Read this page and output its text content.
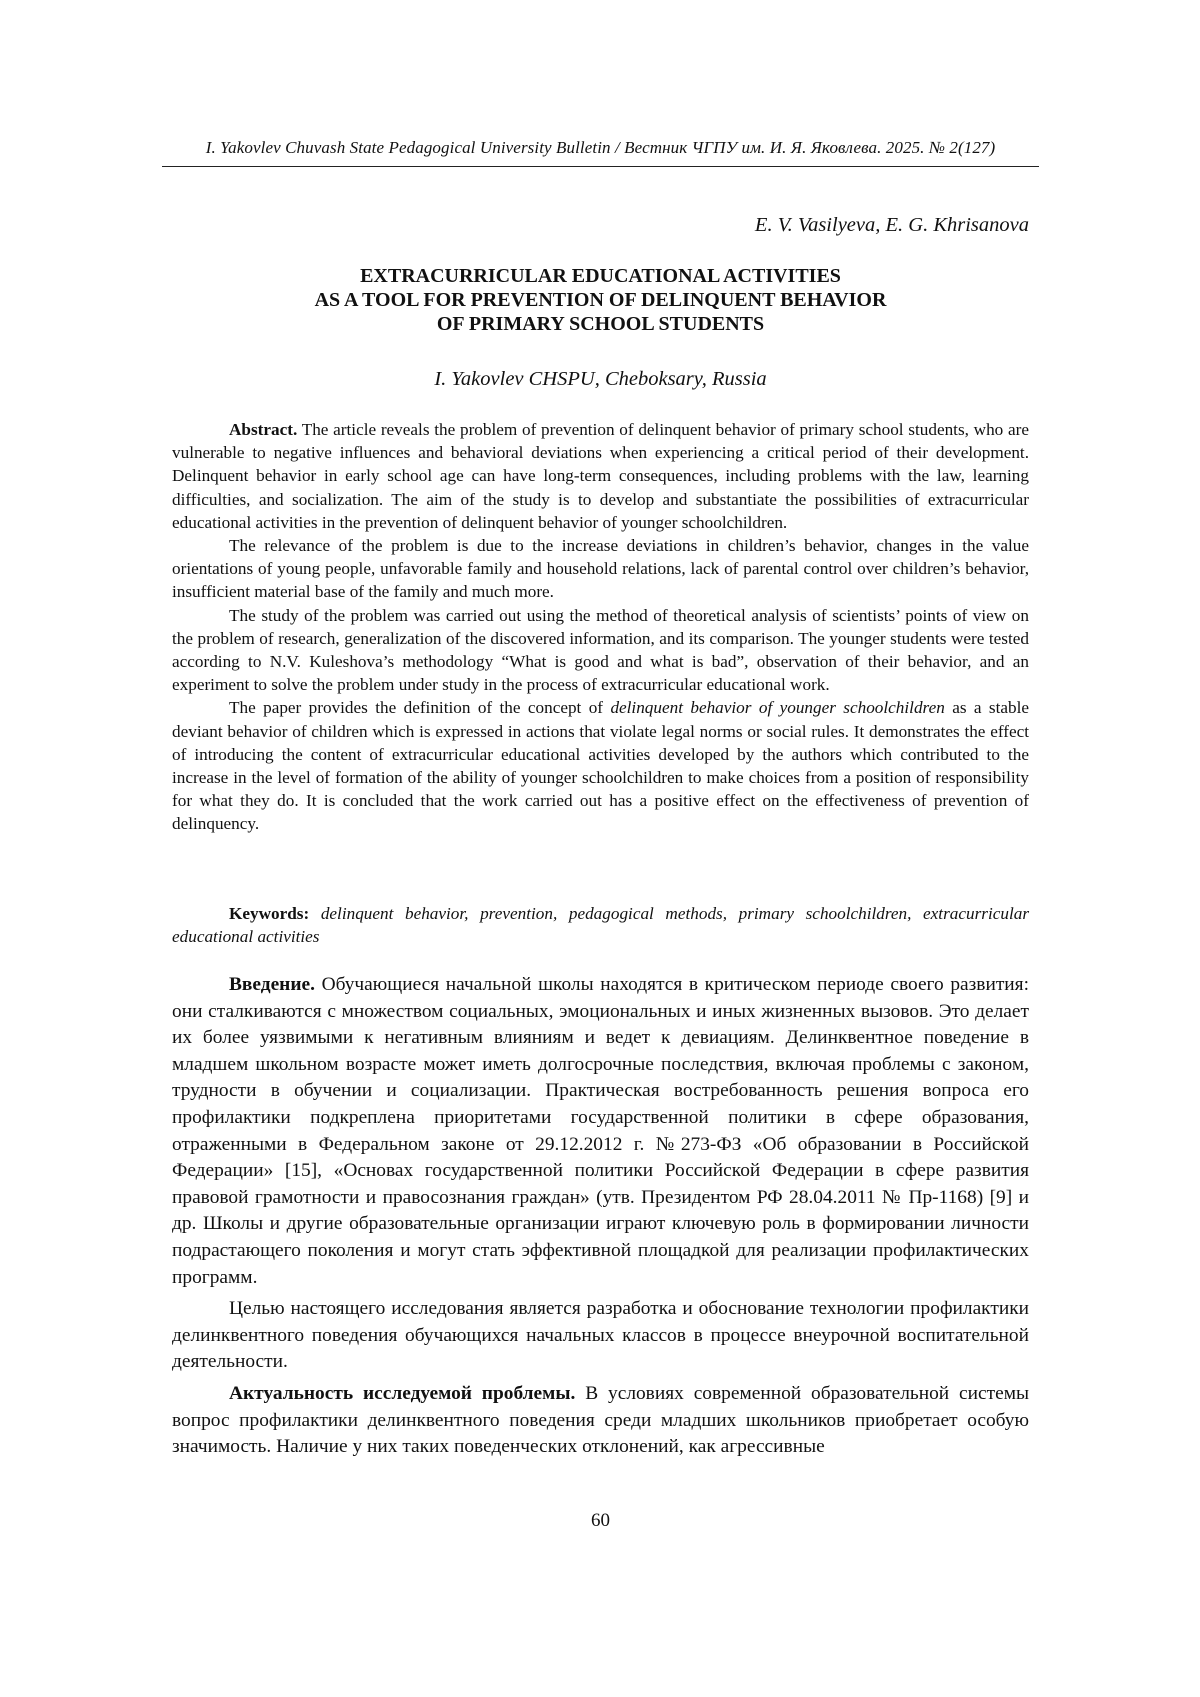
I. Yakovlev Chuvash State Pedagogical University Bulletin / Вестник ЧГПУ им. И. Я. Яковлева. 2025. № 2(127)
E. V. Vasilyeva, E. G. Khrisanova
EXTRACURRICULAR EDUCATIONAL ACTIVITIES
AS A TOOL FOR PREVENTION OF DELINQUENT BEHAVIOR
OF PRIMARY SCHOOL STUDENTS
I. Yakovlev CHSPU, Cheboksary, Russia

Abstract. The article reveals the problem of prevention of delinquent behavior of primary school students, who are vulnerable to negative influences and behavioral deviations when experiencing a critical period of their development. Delinquent behavior in early school age can have long-term consequences, including problems with the law, learning difficulties, and socialization. The aim of the study is to develop and substantiate the possibilities of extracurricular educational activities in the prevention of delinquent behavior of younger schoolchildren.

The relevance of the problem is due to the increase deviations in children’s behavior, changes in the value orientations of young people, unfavorable family and household relations, lack of parental control over children’s behavior, insufficient material base of the family and much more.

The study of the problem was carried out using the method of theoretical analysis of scientists’ points of view on the problem of research, generalization of the discovered information, and its comparison. The younger students were tested according to N.V. Kuleshova’s methodology “What is good and what is bad”, observation of their behavior, and an experiment to solve the problem under study in the process of extracurricular educational work.

The paper provides the definition of the concept of delinquent behavior of younger schoolchildren as a stable deviant behavior of children which is expressed in actions that violate legal norms or social rules. It demonstrates the effect of introducing the content of extracurricular educational activities developed by the authors which contributed to the increase in the level of formation of the ability of younger schoolchildren to make choices from a position of responsibility for what they do. It is concluded that the work carried out has a positive effect on the effectiveness of prevention of delinquency.

Keywords: delinquent behavior, prevention, pedagogical methods, primary schoolchildren, extracurricular educational activities

Введение. Обучающиеся начальной школы находятся в критическом периоде своего развития: они сталкиваются с множеством социальных, эмоциональных и иных жизненных вызовов. Это делает их более уязвимыми к негативным влияниям и ведет к девиациям. Делинквентное поведение в младшем школьном возрасте может иметь долгосрочные последствия, включая проблемы с законом, трудности в обучении и социализации. Практическая востребованность решения вопроса его профилактики подкреплена приоритетами государственной политики в сфере образования, отраженными в Федеральном законе от 29.12.2012 г. №273-ФЗ «Об образовании в Российской Федерации» [15], «Основах государственной политики Российской Федерации в сфере развития правовой грамотности и правосознания граждан» (утв. Президентом РФ 28.04.2011 № Пр-1168) [9] и др. Школы и другие образовательные организации играют ключевую роль в формировании личности подрастающего поколения и могут стать эффективной площадкой для реализации профилактических программ.

Целью настоящего исследования является разработка и обоснование технологии профилактики делинквентного поведения обучающихся начальных классов в процессе внеурочной воспитательной деятельности.

Актуальность исследуемой проблемы. В условиях современной образовательной системы вопрос профилактики делинквентного поведения среди младших школьников приобретает особую значимость. Наличие у них таких поведенческих отклонений, как агрессивные

60
